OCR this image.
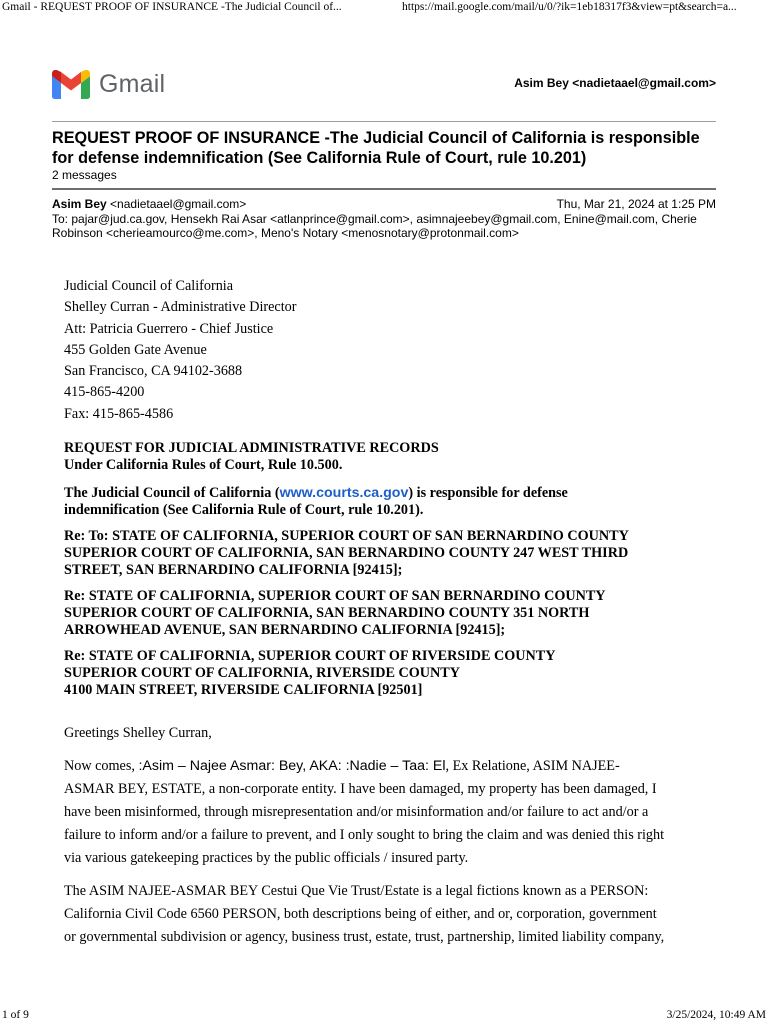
Gmail - REQUEST PROOF OF INSURANCE -The Judicial Council of...	https://mail.google.com/mail/u/0/?ik=1eb18317f3&view=pt&search=a...
Gmail	Asim Bey <nadietaael@gmail.com>
REQUEST PROOF OF INSURANCE -The Judicial Council of California is responsible for defense indemnification (See California Rule of Court, rule 10.201)
2 messages
Asim Bey <nadietaael@gmail.com>	Thu, Mar 21, 2024 at 1:25 PM
To: pajar@jud.ca.gov, Hensekh Rai Asar <atlanprince@gmail.com>, asimnajeebey@gmail.com, Enine@mail.com, Cherie
Robinson <cherieamourco@me.com>, Meno's Notary <menosnotary@protonmail.com>
Judicial Council of California
Shelley Curran - Administrative Director
Att: Patricia Guerrero - Chief Justice
455 Golden Gate Avenue
San Francisco, CA 94102-3688
415-865-4200
Fax: 415-865-4586
REQUEST FOR JUDICIAL ADMINISTRATIVE RECORDS
Under California Rules of Court, Rule 10.500.
The Judicial Council of California (www.courts.ca.gov) is responsible for defense
indemnification (See California Rule of Court, rule 10.201).
Re: To: STATE OF CALIFORNIA, SUPERIOR COURT OF SAN BERNARDINO COUNTY
SUPERIOR COURT OF CALIFORNIA, SAN BERNARDINO COUNTY 247 WEST THIRD
STREET, SAN BERNARDINO CALIFORNIA [92415];
Re: STATE OF CALIFORNIA, SUPERIOR COURT OF SAN BERNARDINO COUNTY
SUPERIOR COURT OF CALIFORNIA, SAN BERNARDINO COUNTY 351 NORTH
ARROWHEAD AVENUE, SAN BERNARDINO CALIFORNIA [92415];
Re: STATE OF CALIFORNIA, SUPERIOR COURT OF RIVERSIDE COUNTY
SUPERIOR COURT OF CALIFORNIA, RIVERSIDE COUNTY
4100 MAIN STREET, RIVERSIDE CALIFORNIA [92501]
Greetings Shelley Curran,
Now comes, :Asim – Najee Asmar: Bey, AKA: :Nadie – Taa: El, Ex Relatione, ASIM NAJEE-
ASMAR BEY, ESTATE, a non-corporate entity. I have been damaged, my property has been damaged, I
have been misinformed, through misrepresentation and/or misinformation and/or failure to act and/or a
failure to inform and/or a failure to prevent, and I only sought to bring the claim and was denied this right
via various gatekeeping practices by the public officials / insured party.
The ASIM NAJEE-ASMAR BEY Cestui Que Vie Trust/Estate is a legal fictions known as a PERSON:
California Civil Code 6560 PERSON, both descriptions being of either, and or, corporation, government
or governmental subdivision or agency, business trust, estate, trust, partnership, limited liability company,
1 of 9	3/25/2024, 10:49 AM
